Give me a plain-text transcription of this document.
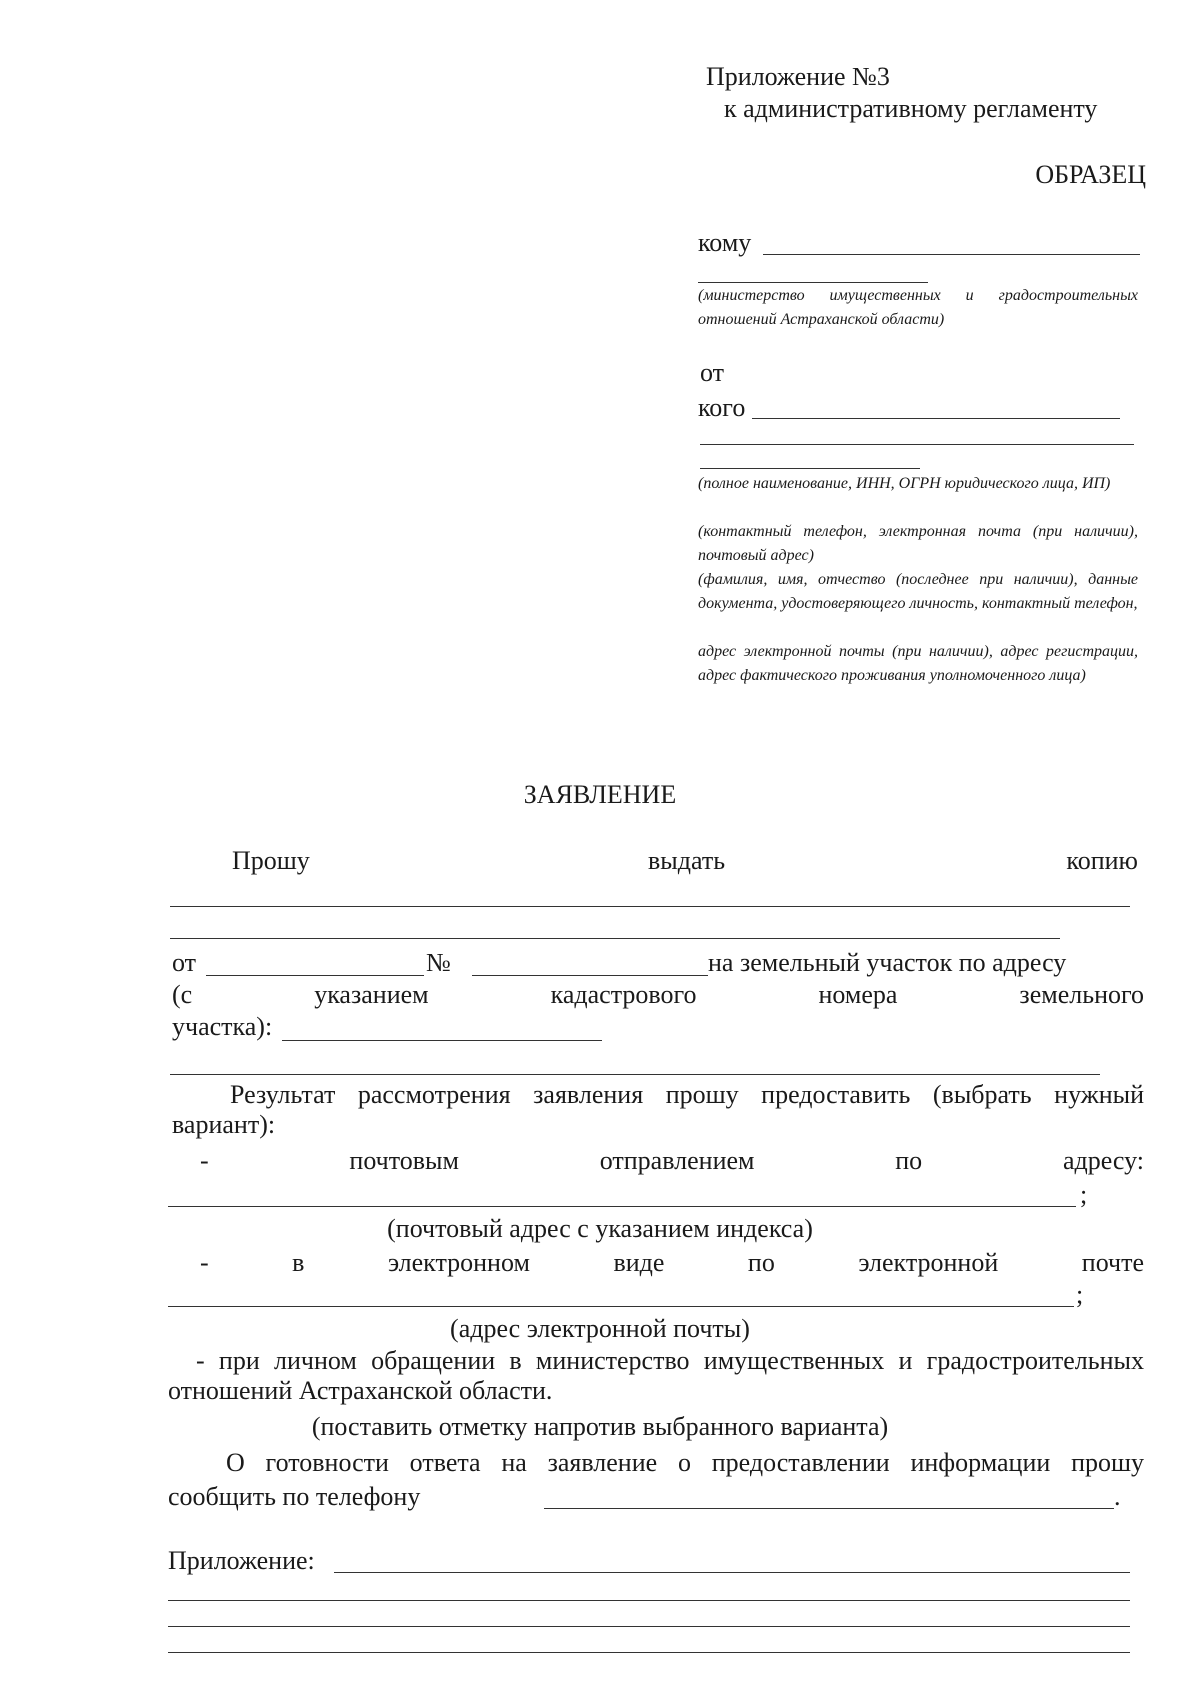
Приложение №3
к административному регламенту
ОБРАЗЕЦ
кому
(министерство имущественных и градостроительных отношений Астраханской области)
от
кого
(полное наименование, ИНН, ОГРН юридического лица, ИП)
(контактный телефон, электронная почта (при наличии), почтовый адрес)
(фамилия, имя, отчество (последнее при наличии), данные документа, удостоверяющего личность, контактный телефон,
адрес электронной почты (при наличии), адрес регистрации, адрес фактического проживания уполномоченного лица)
ЗАЯВЛЕНИЕ
Прошу	выдать	копию
от	№	на земельный участок по адресу
(с указанием кадастрового номера земельного
участка):
Результат рассмотрения заявления прошу предоставить (выбрать нужный вариант):
- почтовым отправлением по адресу:
;
(почтовый адрес с указанием индекса)
- в электронном виде по электронной почте
;
(адрес электронной почты)
- при личном обращении в министерство имущественных и градостроительных отношений Астраханской области.
(поставить отметку напротив выбранного варианта)
О готовности ответа на заявление о предоставлении информации прошу сообщить по телефону	.
Приложение:
